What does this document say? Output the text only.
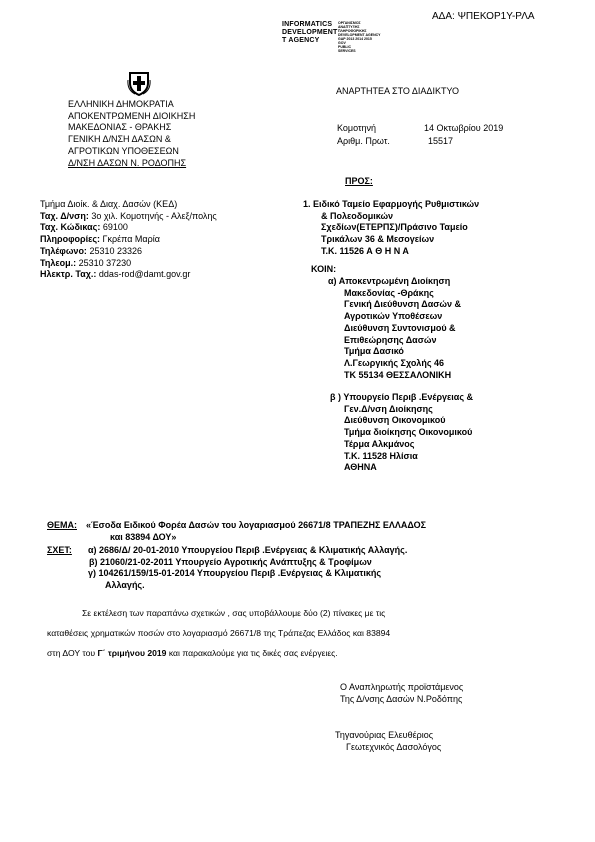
ΑΔΑ: ΨΠΕΚΟΡ1Υ-ΡΛΑ
INFORMATICS
DEVELOPMENT
T AGENCY
ΟΡΓΑΝΙΣΜΟΣ
ΑΝΑΠΤΥΞΗΣ
ΠΛΗΡΟΦΟΡΙΚΗΣ
DEVELOPMENT AGENCY
GAP 2013 2014 2015
GOV
PUBLIC
SERVICES
ΑΝΑΡΤΗΤΕΑ ΣΤΟ ΔΙΑΔΙΚΤΥΟ
ΕΛΛΗΝΙΚΗ ΔΗΜΟΚΡΑΤΙΑ
ΑΠΟΚΕΝΤΡΩΜΕΝΗ ΔΙΟΙΚΗΣΗ
ΜΑΚΕΔΟΝΙΑΣ - ΘΡΑΚΗΣ
ΓΕΝΙΚΗ Δ/ΝΣΗ ΔΑΣΩΝ &
ΑΓΡΟΤΙΚΩΝ ΥΠΟΘΕΣΕΩΝ
Δ/ΝΣΗ ΔΑΣΩΝ Ν. ΡΟΔΟΠΗΣ
Κομοτηνή	14 Οκτωβρίου 2019
Αριθμ. Πρωτ.	15517
ΠΡΟΣ:
Τμήμα Διοίκ. & Διαχ. Δασών (ΚΕΔ)
Ταχ. Δ/νση: 3ο χιλ. Κομοτηνής - Αλεξ/πολης
Ταχ. Κώδικας: 69100
Πληροφορίες: Γκρέπα Μαρία
Τηλέφωνο: 25310 23326
Τηλεομ.: 25310 37230
Ηλεκτρ. Ταχ.: ddas-rod@damt.gov.gr
1. Ειδικό Ταμείο Εφαρμογής Ρυθμιστικών
& Πολεοδομικών
Σχεδίων(ΕΤΕΡΠΣ)/Πράσινο Ταμείο
Τρικάλων 36 & Μεσογείων
Τ.Κ. 11526 Α Θ Η Ν Α
ΚΟΙΝ:
α) Αποκεντρωμένη Διοίκηση
Μακεδονίας -Θράκης
Γενική Διεύθυνση Δασών &
Αγροτικών Υποθέσεων
Διεύθυνση Συντονισμού &
Επιθεώρησης Δασών
Τμήμα Δασικό
Λ.Γεωργικής Σχολής 46
ΤΚ 55134 ΘΕΣΣΑΛΟΝΙΚΗ
β ) Υπουργείο Περιβ .Ενέργειας &
Γεν.Δ/νση Διοίκησης
Διεύθυνση Οικονομικού
Τμήμα διοίκησης Οικονομικού
Τέρμα Αλκμάνος
Τ.Κ. 11528 Ηλίσια
ΑΘΗΝΑ
ΘΕΜΑ: «Έσοδα Ειδικού Φορέα Δασών του λογαριασμού 26671/8 ΤΡΑΠΕΖΗΣ ΕΛΛΑΔΟΣ
και 83894 ΔΟΥ»
ΣΧΕΤ: α) 2686/Δ/ 20-01-2010 Υπουργείου Περιβ .Ενέργειας & Κλιματικής Αλλαγής.
β) 21060/21-02-2011 Υπουργείο Αγροτικής Ανάπτυξης & Τροφίμων
γ) 104261/159/15-01-2014 Υπουργείου Περιβ .Ενέργειας & Κλιματικής
Αλλαγής.
Σε εκτέλεση των παραπάνω σχετικών , σας υποβάλλουμε δύο (2) πίνακες με τις
καταθέσεις χρηματικών ποσών στο λογαριασμό 26671/8 της Τράπεζας Ελλάδος και 83894
στη ΔΟΥ του Γ΄ τριμήνου 2019 και παρακαλούμε για τις δικές σας ενέργειες.
Ο Αναπληρωτής προϊστάμενος
Της Δ/νσης Δασών Ν.Ροδόπης
Τηγανούριας Ελευθέριος
Γεωτεχνικός Δασολόγος
